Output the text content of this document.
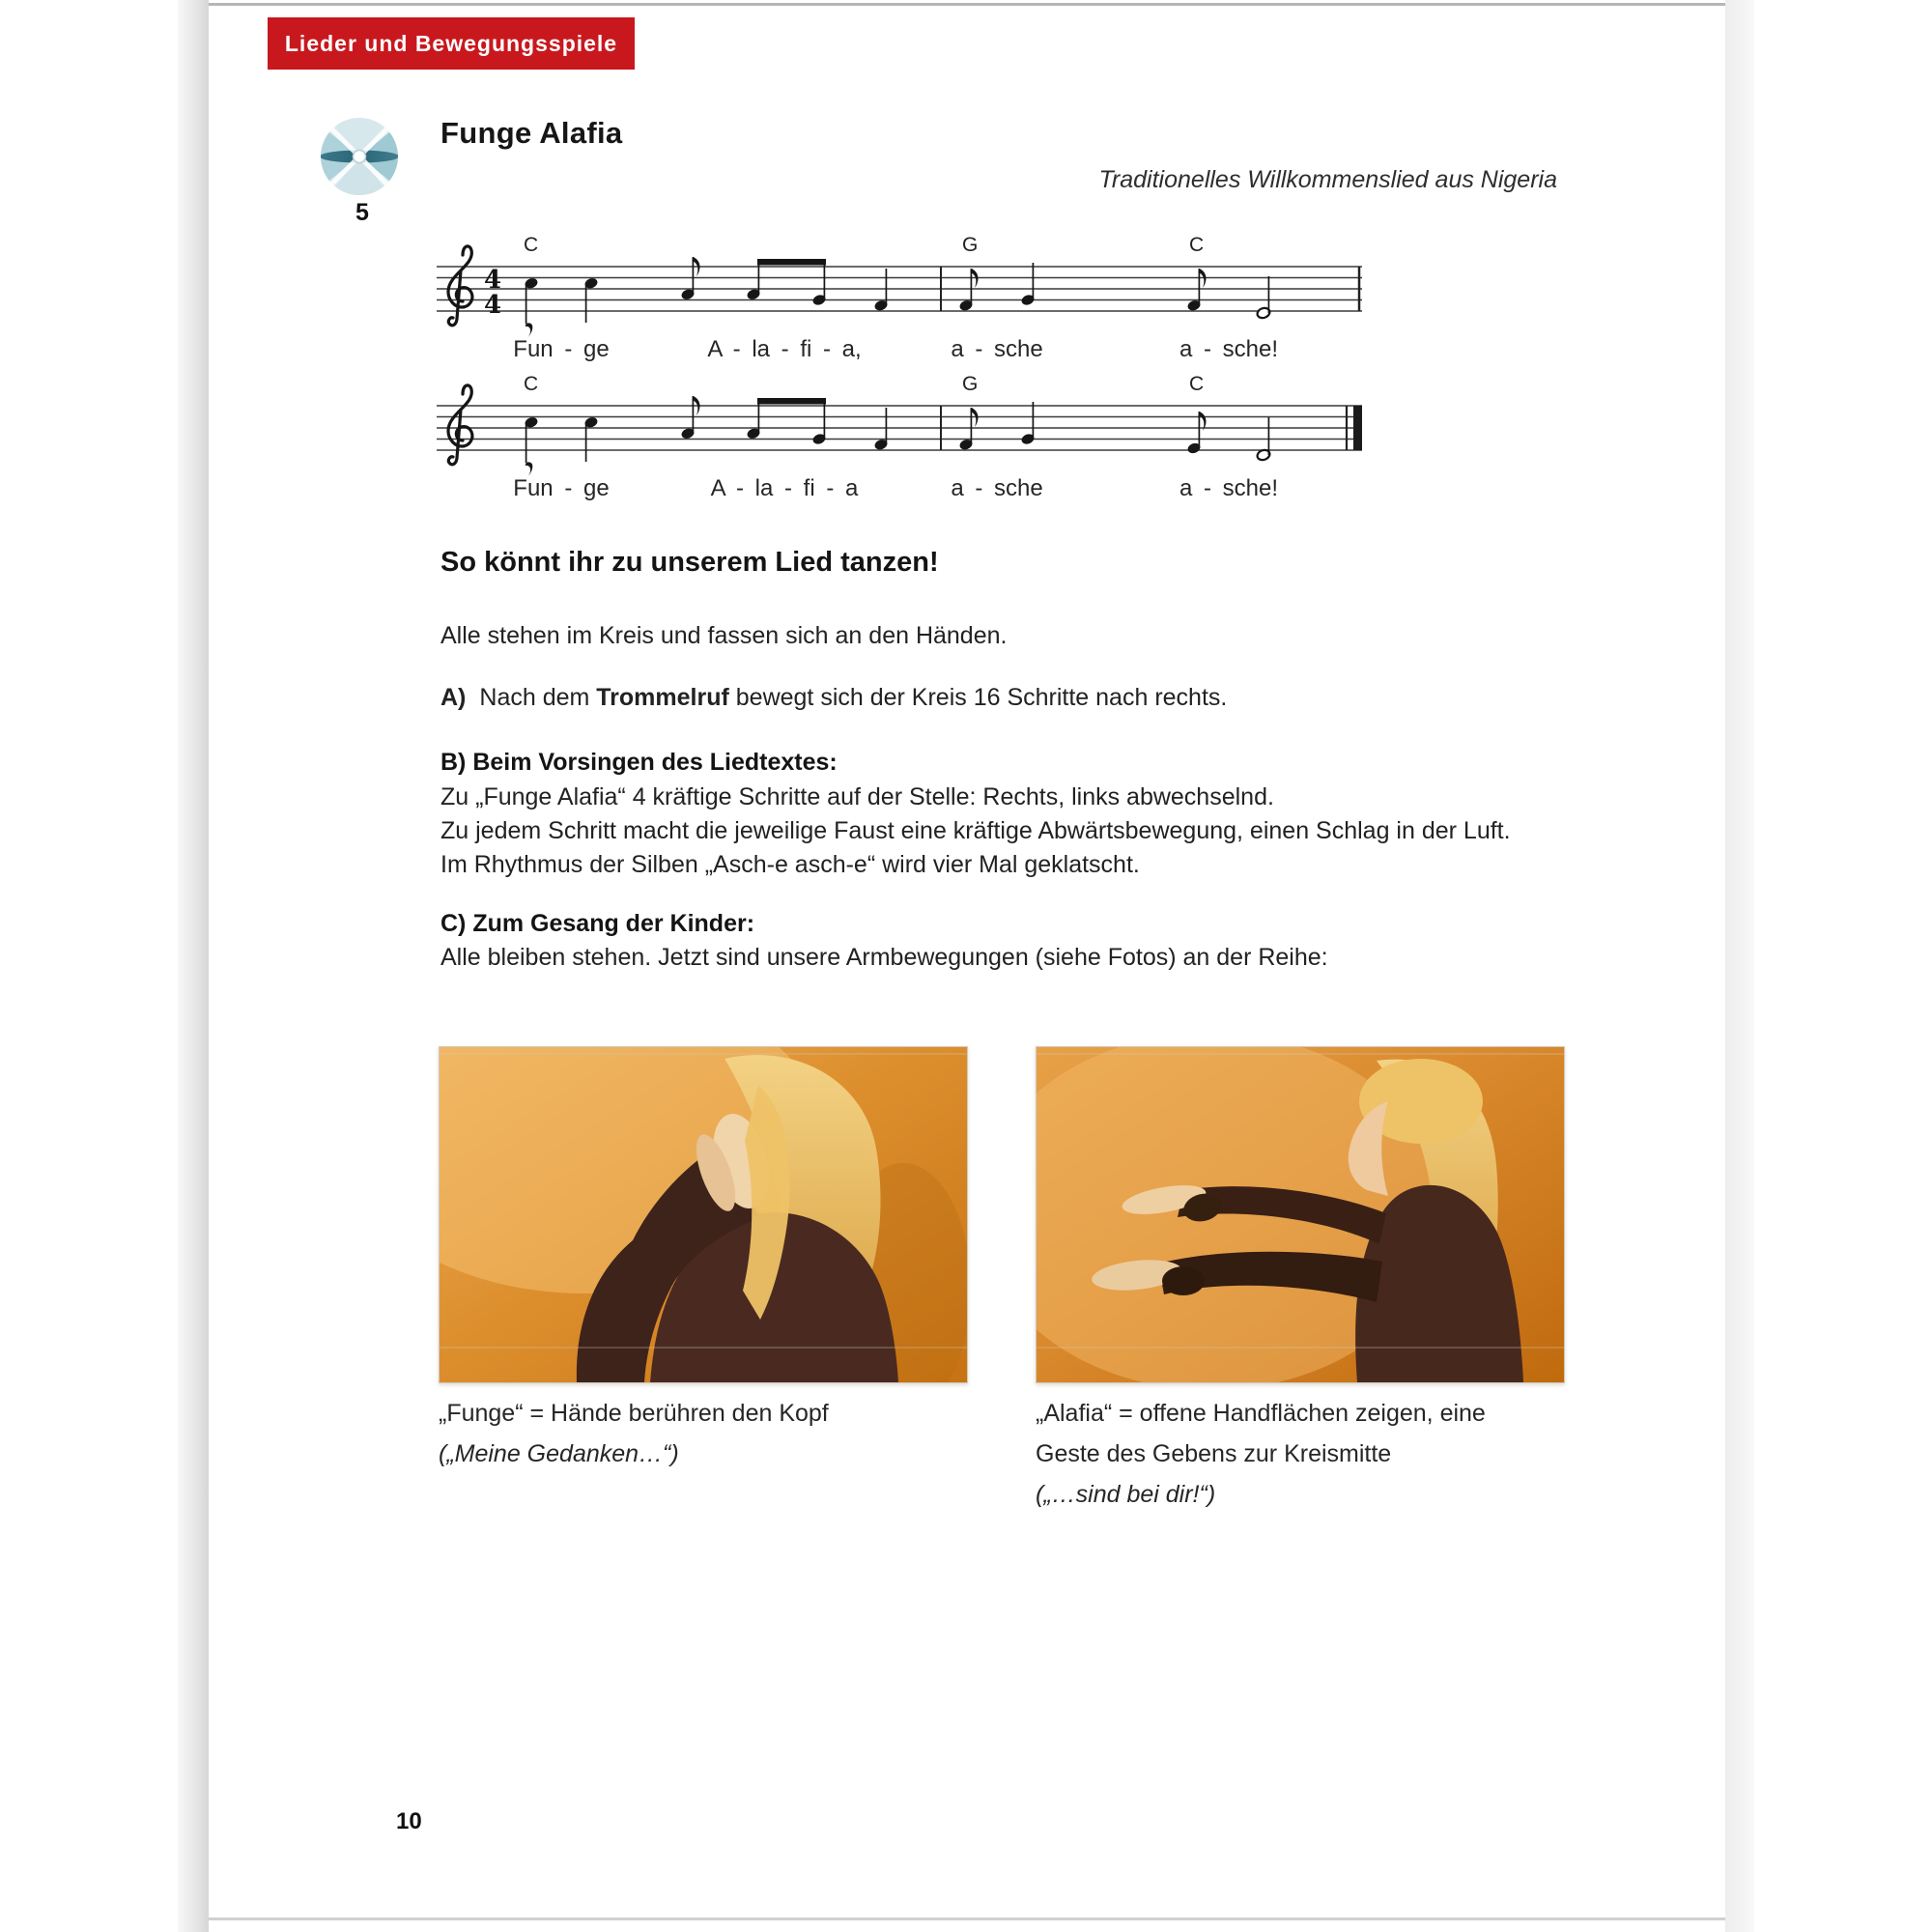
Lieder und Bewegungsspiele
5
Funge Alafia
Traditionelles Willkommenslied aus Nigeria
4
4
C	G	C
Fun - ge	A - la - fi - a,	a - sche	a - sche!
C	G	C
Fun - ge	A - la - fi - a	a - sche	a - sche!
So könnt ihr zu unserem Lied tanzen!
Alle stehen im Kreis und fassen sich an den Händen.
A) Nach dem Trommelruf bewegt sich der Kreis 16 Schritte nach rechts.
B) Beim Vorsingen des Liedtextes:
Zu „Funge Alafia“ 4 kräftige Schritte auf der Stelle: Rechts, links abwechselnd.
Zu jedem Schritt macht die jeweilige Faust eine kräftige Abwärtsbewegung, einen Schlag in der Luft.
Im Rhythmus der Silben „Asch-e asch-e“ wird vier Mal geklatscht.
C) Zum Gesang der Kinder:
Alle bleiben stehen. Jetzt sind unsere Armbewegungen (siehe Fotos) an der Reihe:
„Funge“ = Hände berühren den Kopf
(„Meine Gedanken…“)
„Alafia“ = offene Handflächen zeigen, eine
Geste des Gebens zur Kreismitte
(„…sind bei dir!“)
10
